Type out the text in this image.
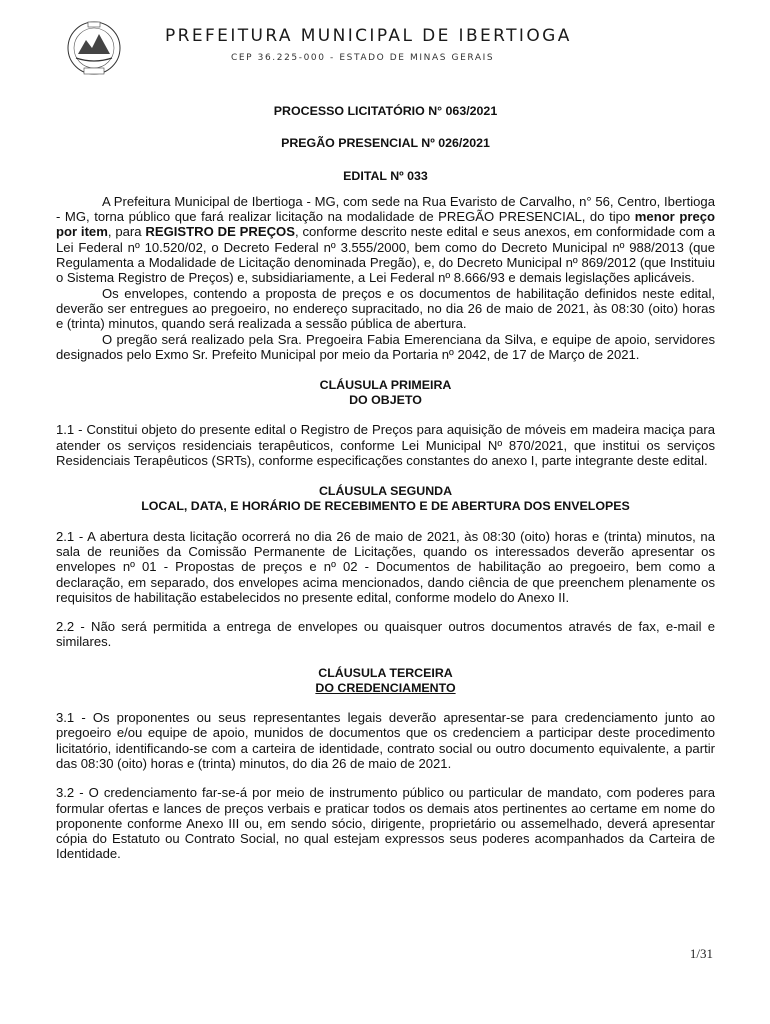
PREFEITURA MUNICIPAL DE IBERTIOGA
CEP 36.225-000 - ESTADO DE MINAS GERAIS
PROCESSO LICITATÓRIO N° 063/2021
PREGÃO PRESENCIAL Nº 026/2021
EDITAL Nº 033

A Prefeitura Municipal de Ibertioga - MG, com sede na Rua Evaristo de Carvalho, n° 56, Centro, Ibertioga - MG, torna público que fará realizar licitação na modalidade de PREGÃO PRESENCIAL, do tipo menor preço por item, para REGISTRO DE PREÇOS, conforme descrito neste edital e seus anexos, em conformidade com a Lei Federal nº 10.520/02, o Decreto Federal nº 3.555/2000, bem como do Decreto Municipal nº 988/2013 (que Regulamenta a Modalidade de Licitação denominada Pregão), e, do Decreto Municipal nº 869/2012 (que Instituiu o Sistema Registro de Preços) e, subsidiariamente, a Lei Federal nº 8.666/93 e demais legislações aplicáveis.

Os envelopes, contendo a proposta de preços e os documentos de habilitação definidos neste edital, deverão ser entregues ao pregoeiro, no endereço supracitado, no dia 26 de maio de 2021, às 08:30 (oito) horas e (trinta) minutos, quando será realizada a sessão pública de abertura.

O pregão será realizado pela Sra. Pregoeira Fabia Emerenciana da Silva, e equipe de apoio, servidores designados pelo Exmo Sr. Prefeito Municipal por meio da Portaria nº 2042, de 17 de Março de 2021.

CLÁUSULA PRIMEIRA
DO OBJETO

1.1 - Constitui objeto do presente edital o Registro de Preços para aquisição de móveis em madeira maciça para atender os serviços residenciais terapêuticos, conforme Lei Municipal Nº 870/2021, que institui os serviços Residenciais Terapêuticos (SRTs), conforme especificações constantes do anexo I, parte integrante deste edital.

CLÁUSULA SEGUNDA
LOCAL, DATA, E HORÁRIO DE RECEBIMENTO E DE ABERTURA DOS ENVELOPES

2.1 - A abertura desta licitação ocorrerá no dia 26 de maio de 2021, às 08:30 (oito) horas e (trinta) minutos, na sala de reuniões da Comissão Permanente de Licitações, quando os interessados deverão apresentar os envelopes nº 01 - Propostas de preços e nº 02 - Documentos de habilitação ao pregoeiro, bem como a declaração, em separado, dos envelopes acima mencionados, dando ciência de que preenchem plenamente os requisitos de habilitação estabelecidos no presente edital, conforme modelo do Anexo II.

2.2 - Não será permitida a entrega de envelopes ou quaisquer outros documentos através de fax, e-mail e similares.

CLÁUSULA TERCEIRA
DO CREDENCIAMENTO

3.1 - Os proponentes ou seus representantes legais deverão apresentar-se para credenciamento junto ao pregoeiro e/ou equipe de apoio, munidos de documentos que os credenciem a participar deste procedimento licitatório, identificando-se com a carteira de identidade, contrato social ou outro documento equivalente, a partir das 08:30 (oito) horas e (trinta) minutos, do dia 26 de maio de 2021.

3.2 - O credenciamento far-se-á por meio de instrumento público ou particular de mandato, com poderes para formular ofertas e lances de preços verbais e praticar todos os demais atos pertinentes ao certame em nome do proponente conforme Anexo III ou, em sendo sócio, dirigente, proprietário ou assemelhado, deverá apresentar cópia do Estatuto ou Contrato Social, no qual estejam expressos seus poderes acompanhados da Carteira de Identidade.

1/31
